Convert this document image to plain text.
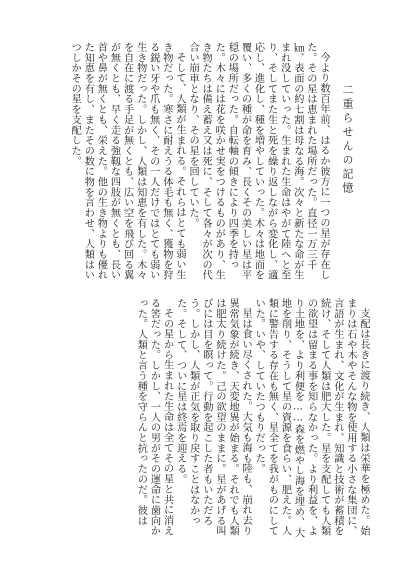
二重らせんの記憶

今より数百年前、はるか彼方に一つの星が存在した。その星は恵まれた場所だった。直径一万三千㎞、表面の約七割は母なる海。次々と新たな命が生まれ没していった。生まれた生命はやがて陸へと至り、そしてまた生と死を繰り返しながら変化し、適応し、進化し、種を増やしていった。木々は地面を覆い、多くの種が命を育み、長くその美しい星は平穏の場所だった。自転軸の傾きにより四季を持った。木々には花を咲かせ実をつけるものがあり、生き物たちは備え蓄え又は死に、そして各々が次の代合い崩車となり、その星を回していた。

そして、人類が生まれる。それらはとても弱い生き物だった。寒さに耐えうる体毛も無く、獲物を狩る鋭い牙や爪も無く、その一人だけではとても弱い生き物だった。しかし、人類は知恵を有した。木々を自在に渡る手足が無くとも、広い空を飛び回る翼が無くとも、早く走る強靱な四肢が無くとも、長い首や鼻が無くとも、栄えた。他の生き物よりも優れた知恵を有し、またその数に物を言わせ、人類はいつしかその星を支配した。

支配は長きに渡り続き、人類は栄華を極めた。始まりは石や木やそんな物を使用する小さな集団に、言語が生まれ、文化が生まれ、知識と技術が蓄積を続け、そして人類は肥大した。星を支配しても人類の欲望は留まる事を知らなかった。より利益を、より土地を、より利便を……森を燃やし海を埋め、大地を削り、そうして星の資源を食らい、肥えた。人類に警告する存在も無く、星全てを我がものにしていた。いや、していたつもりだった。

星は食い尽くされた。大気も海も陸も、崩れ去り異常気象が続き、天変地異が始まる。それでも人類は肥太り続けた。己の欲望のままに。星があげる叫びには目を瞑って。行動を起こした者もいただろう。しかし、人類が正気を取り戻すことはなかった。そして、ついに星は終焉を迎える。

その星から生まれた生命は全てその星と共に消える筈だった。しかし、一人の男がその運命に歯向かった。人類と言う種を守らんと抗ったのだ。彼は
